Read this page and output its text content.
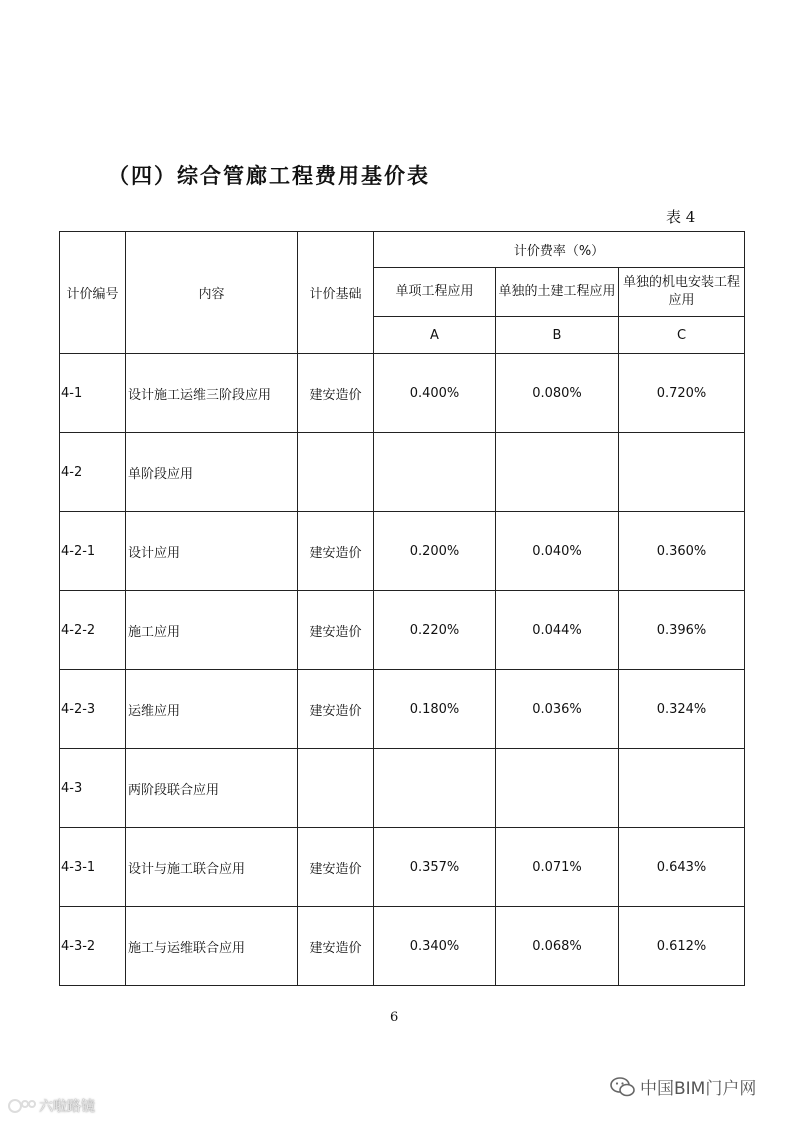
（四）综合管廊工程费用基价表
表 4
计价编号	内容	计价基础	计价费率（%）		
			单项工程应用	单独的土建工程应用	单独的机电安装工程应用
			A	B	C
4-1	设计施工运维三阶段应用	建安造价	0.400%	0.080%	0.720%
4-2	单阶段应用				
4-2-1	设计应用	建安造价	0.200%	0.040%	0.360%
4-2-2	施工应用	建安造价	0.220%	0.044%	0.396%
4-2-3	运维应用	建安造价	0.180%	0.036%	0.324%
4-3	两阶段联合应用				
4-3-1	设计与施工联合应用	建安造价	0.357%	0.071%	0.643%
4-3-2	施工与运维联合应用	建安造价	0.340%	0.068%	0.612%
6
六啦路镜
中国BIM门户网
